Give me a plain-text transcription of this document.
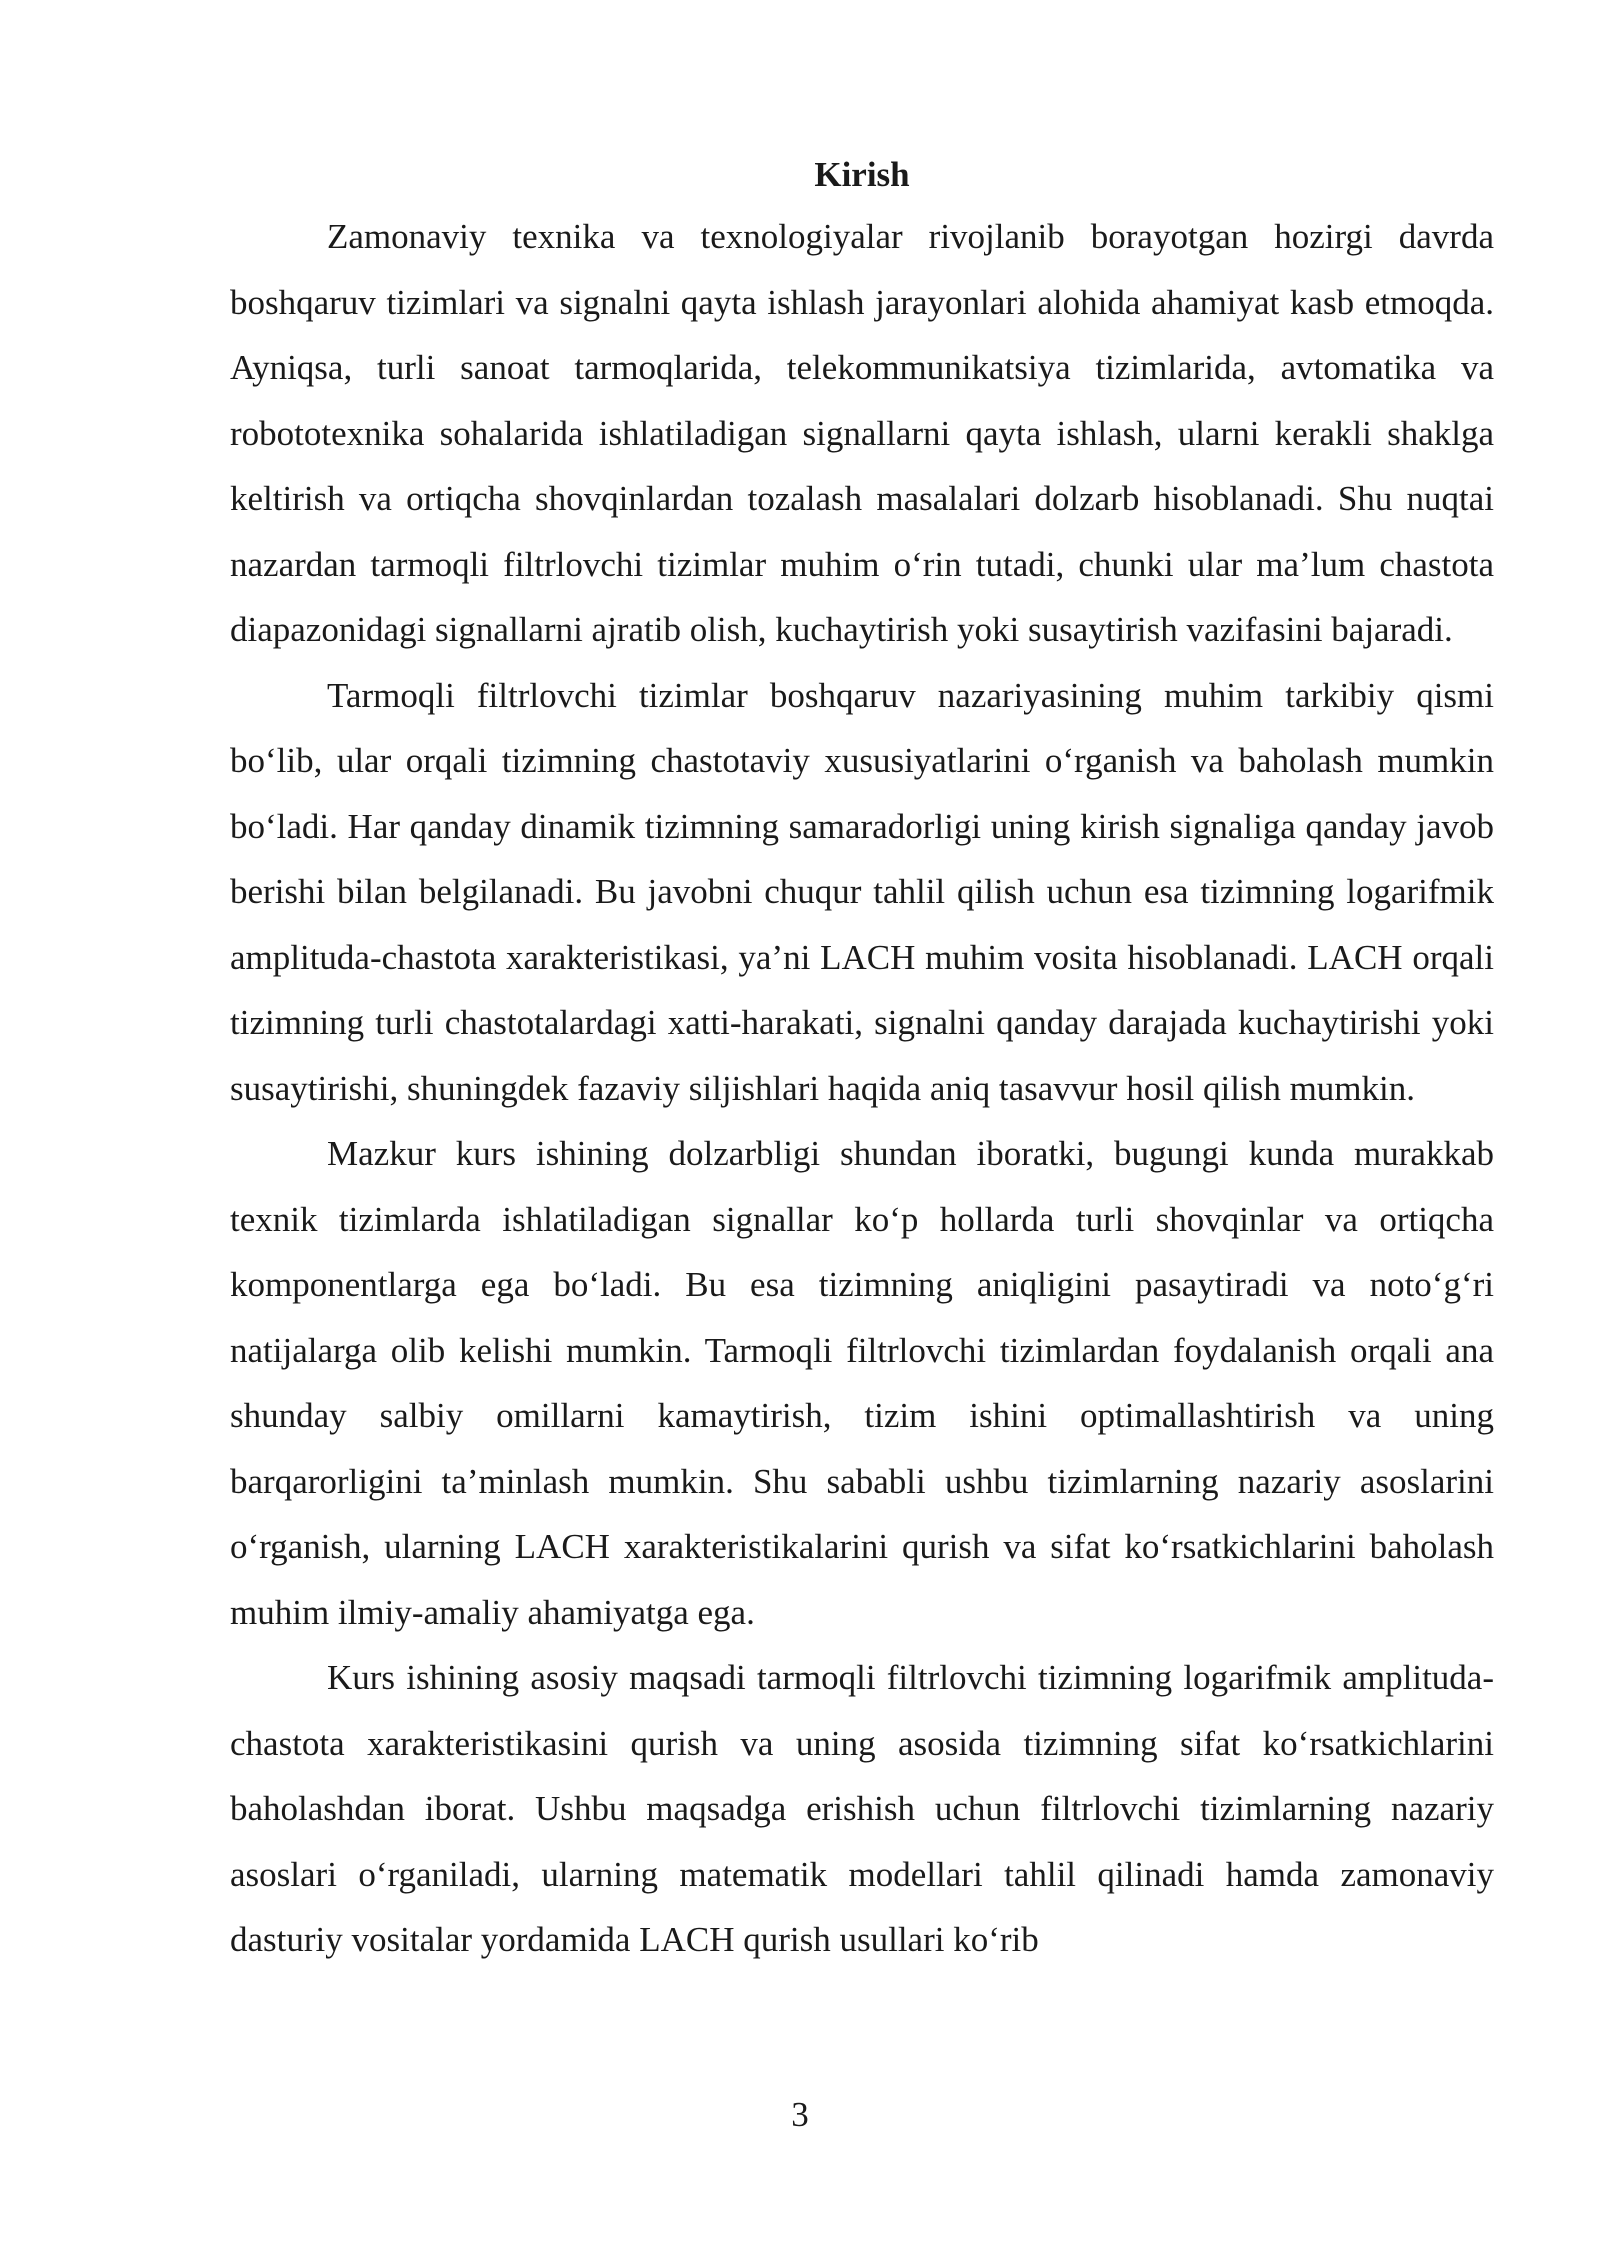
Kirish

Zamonaviy texnika va texnologiyalar rivojlanib borayotgan hozirgi davrda boshqaruv tizimlari va signalni qayta ishlash jarayonlari alohida ahamiyat kasb etmoqda. Ayniqsa, turli sanoat tarmoqlarida, telekommunikatsiya tizimlarida, avtomatika va robototexnika sohalarida ishlatiladigan signallarni qayta ishlash, ularni kerakli shaklga keltirish va ortiqcha shovqinlardan tozalash masalalari dolzarb hisoblanadi. Shu nuqtai nazardan tarmoqli filtrlovchi tizimlar muhim o‘rin tutadi, chunki ular ma’lum chastota diapazonidagi signallarni ajratib olish, kuchaytirish yoki susaytirish vazifasini bajaradi.

Tarmoqli filtrlovchi tizimlar boshqaruv nazariyasining muhim tarkibiy qismi bo‘lib, ular orqali tizimning chastotaviy xususiyatlarini o‘rganish va baholash mumkin bo‘ladi. Har qanday dinamik tizimning samaradorligi uning kirish signaliga qanday javob berishi bilan belgilanadi. Bu javobni chuqur tahlil qilish uchun esa tizimning logarifmik amplituda-chastota xarakteristikasi, ya’ni LACH muhim vosita hisoblanadi. LACH orqali tizimning turli chastotalardagi xatti-harakati, signalni qanday darajada kuchaytirishi yoki susaytirishi, shuningdek fazaviy siljishlari haqida aniq tasavvur hosil qilish mumkin.

Mazkur kurs ishining dolzarbligi shundan iboratki, bugungi kunda murakkab texnik tizimlarda ishlatiladigan signallar ko‘p hollarda turli shovqinlar va ortiqcha komponentlarga ega bo‘ladi. Bu esa tizimning aniqligini pasaytiradi va noto‘g‘ri natijalarga olib kelishi mumkin. Tarmoqli filtrlovchi tizimlardan foydalanish orqali ana shunday salbiy omillarni kamaytirish, tizim ishini optimallashtirish va uning barqarorligini ta’minlash mumkin. Shu sababli ushbu tizimlarning nazariy asoslarini o‘rganish, ularning LACH xarakteristikalarini qurish va sifat ko‘rsatkichlarini baholash muhim ilmiy-amaliy ahamiyatga ega.

Kurs ishining asosiy maqsadi tarmoqli filtrlovchi tizimning logarifmik amplituda-chastota xarakteristikasini qurish va uning asosida tizimning sifat ko‘rsatkichlarini baholashdan iborat. Ushbu maqsadga erishish uchun filtrlovchi tizimlarning nazariy asoslari o‘rganiladi, ularning matematik modellari tahlil qilinadi hamda zamonaviy dasturiy vositalar yordamida LACH qurish usullari ko‘rib

3
